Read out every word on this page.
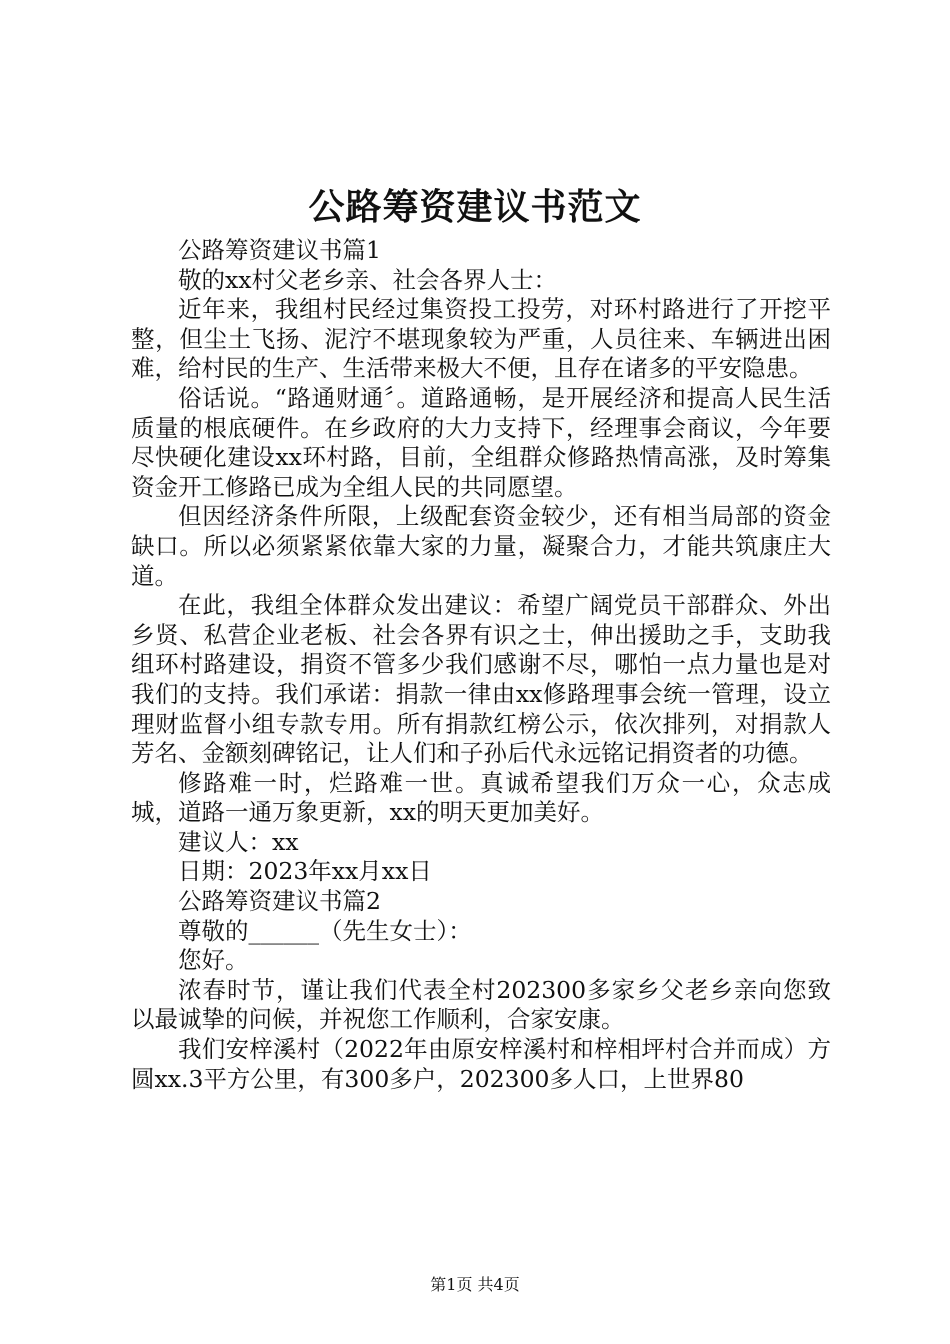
公路筹资建议书范文

公路筹资建议书篇1

敬的xx村父老乡亲、社会各界人士：

近年来，我组村民经过集资投工投劳，对环村路进行了开挖平整，但尘土飞扬、泥泞不堪现象较为严重，人员往来、车辆进出困难，给村民的生产、生活带来极大不便，且存在诸多的平安隐患。

俗话说。“路通财通〞。道路通畅，是开展经济和提高人民生活质量的根底硬件。在乡政府的大力支持下，经理事会商议，今年要尽快硬化建设xx环村路，目前，全组群众修路热情高涨，及时筹集资金开工修路已成为全组人民的共同愿望。

但因经济条件所限，上级配套资金较少，还有相当局部的资金缺口。所以必须紧紧依靠大家的力量，凝聚合力，才能共筑康庄大道。

在此，我组全体群众发出建议：希望广阔党员干部群众、外出乡贤、私营企业老板、社会各界有识之士，伸出援助之手，支助我组环村路建设，捐资不管多少我们感谢不尽，哪怕一点力量也是对我们的支持。我们承诺：捐款一律由xx修路理事会统一管理，设立理财监督小组专款专用。所有捐款红榜公示，依次排列，对捐款人芳名、金额刻碑铭记，让人们和子孙后代永远铭记捐资者的功德。

修路难一时，烂路难一世。真诚希望我们万众一心，众志成城，道路一通万象更新，xx的明天更加美好。

建议人：xx

日期：2023年xx月xx日

公路筹资建议书篇2

尊敬的______（先生女士）：

您好。

浓春时节，谨让我们代表全村202300多家乡父老乡亲向您致以最诚挚的问候，并祝您工作顺利，合家安康。

我们安梓溪村（2022年由原安梓溪村和梓相坪村合并而成）方圆xx.3平方公里，有300多户，202300多人口，上世界80

第1页 共4页
